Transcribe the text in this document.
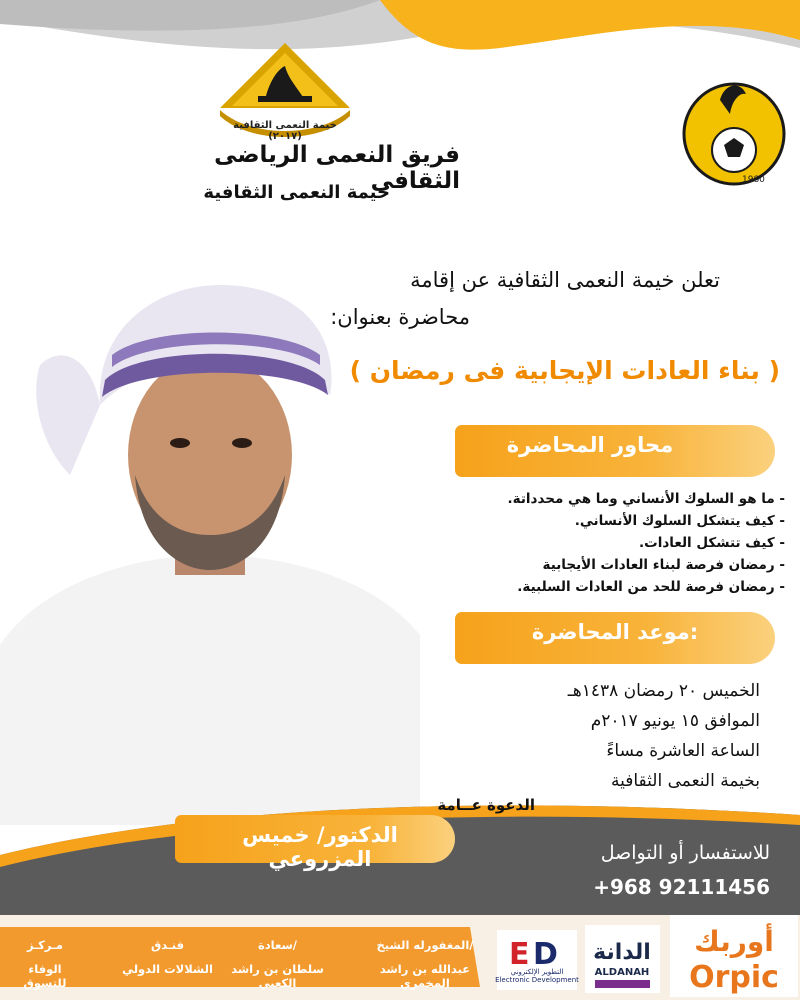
خيمة النعمى الثقافية (٢٠١٧)
1980
فريق النعمى الرياضى الثقافى
خيمة النعمى الثقافية
تعلن خيمة النعمى الثقافية عن إقامة
محاضرة بعنوان:
( بناء العادات الإيجابية فى رمضان )
محاور المحاضرة
- ما هو السلوك الأنساني وما هي محدداتة.
- كيف يتشكل السلوك الأنساني.
- كيف تتشكل العادات.
- رمضان فرصة لبناء العادات الأيجابية
- رمضان فرصة للحد من العادات السلبية.
موعد المحاضرة:
الخميس ٢٠ رمضان ١٤٣٨هـ
الموافق ١٥ يونيو ٢٠١٧م
الساعة العاشرة مساءً
بخيمة النعمى الثقافية
الدعوة عــامة
الدكتور/ خميس المزروعي	للاستفسار أو التواصل
+968 92111456
مـركـز
الوفاء للتسوق
فنـدق
الشلالات الدولي
سعادة/
سلطان بن راشد الكعبي
المغفورله الشيخ/
عبدالله بن راشد المخمري
E D
التطوير الإلكتروني
Electronic Development
الدانة
ALDANAH
أوربك
Orpic
